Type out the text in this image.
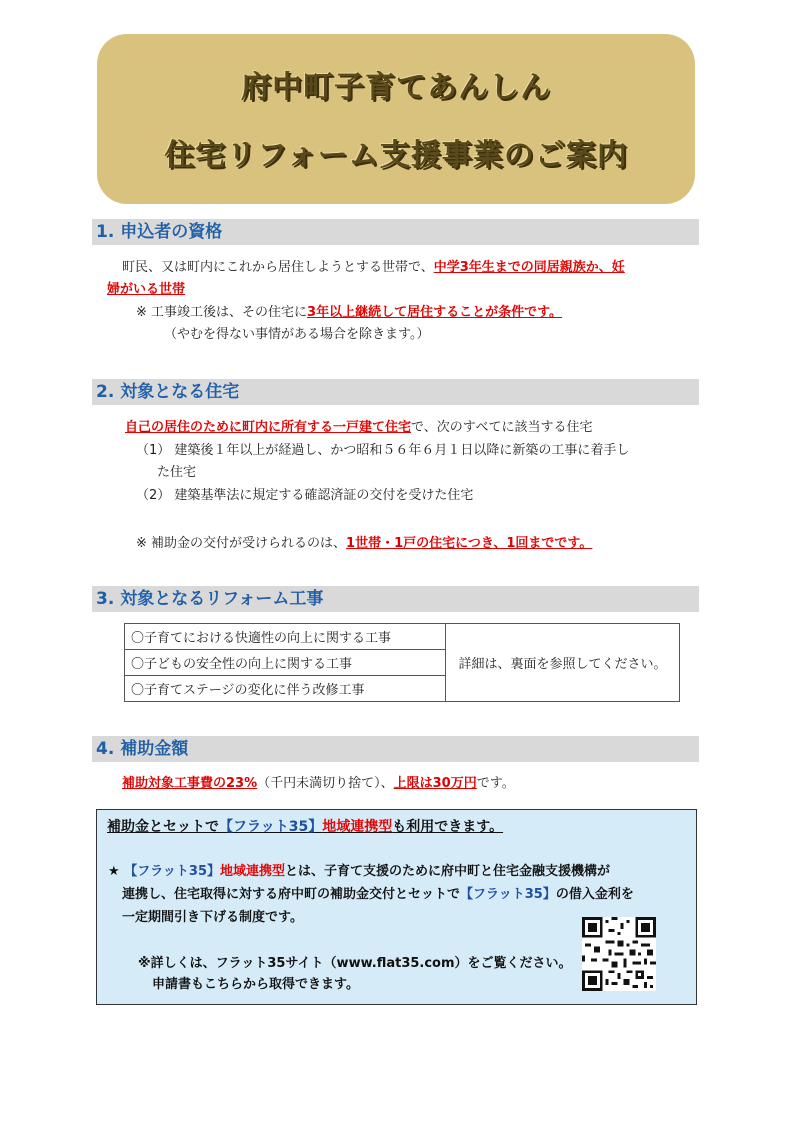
府中町子育てあんしん
住宅リフォーム支援事業のご案内
1. 申込者の資格
町民、又は町内にこれから居住しようとする世帯で、中学3年生までの同居親族か、妊
婦がいる世帯
※ 工事竣工後は、その住宅に3年以上継続して居住することが条件です。
（やむを得ない事情がある場合を除きます。）
2. 対象となる住宅
自己の居住のために町内に所有する一戸建て住宅で、次のすべてに該当する住宅
（1） 建築後１年以上が経過し、かつ昭和５６年６月１日以降に新築の工事に着手し
た住宅
（2） 建築基準法に規定する確認済証の交付を受けた住宅
※ 補助金の交付が受けられるのは、1世帯・1戸の住宅につき、1回までです。
3. 対象となるリフォーム工事
〇子育てにおける快適性の向上に関する工事	詳細は、裏面を参照してください。
〇子どもの安全性の向上に関する工事
〇子育てステージの変化に伴う改修工事
4. 補助金額
補助対象工事費の23%（千円未満切り捨て）、上限は30万円です。
補助金とセットで【フラット35】地域連携型も利用できます。
★ 【フラット35】地域連携型とは、子育て支援のために府中町と住宅金融支援機構が
連携し、住宅取得に対する府中町の補助金交付とセットで【フラット35】の借入金利を
一定期間引き下げる制度です。
※詳しくは、フラット35サイト（www.flat35.com）をご覧ください。
申請書もこちらから取得できます。
